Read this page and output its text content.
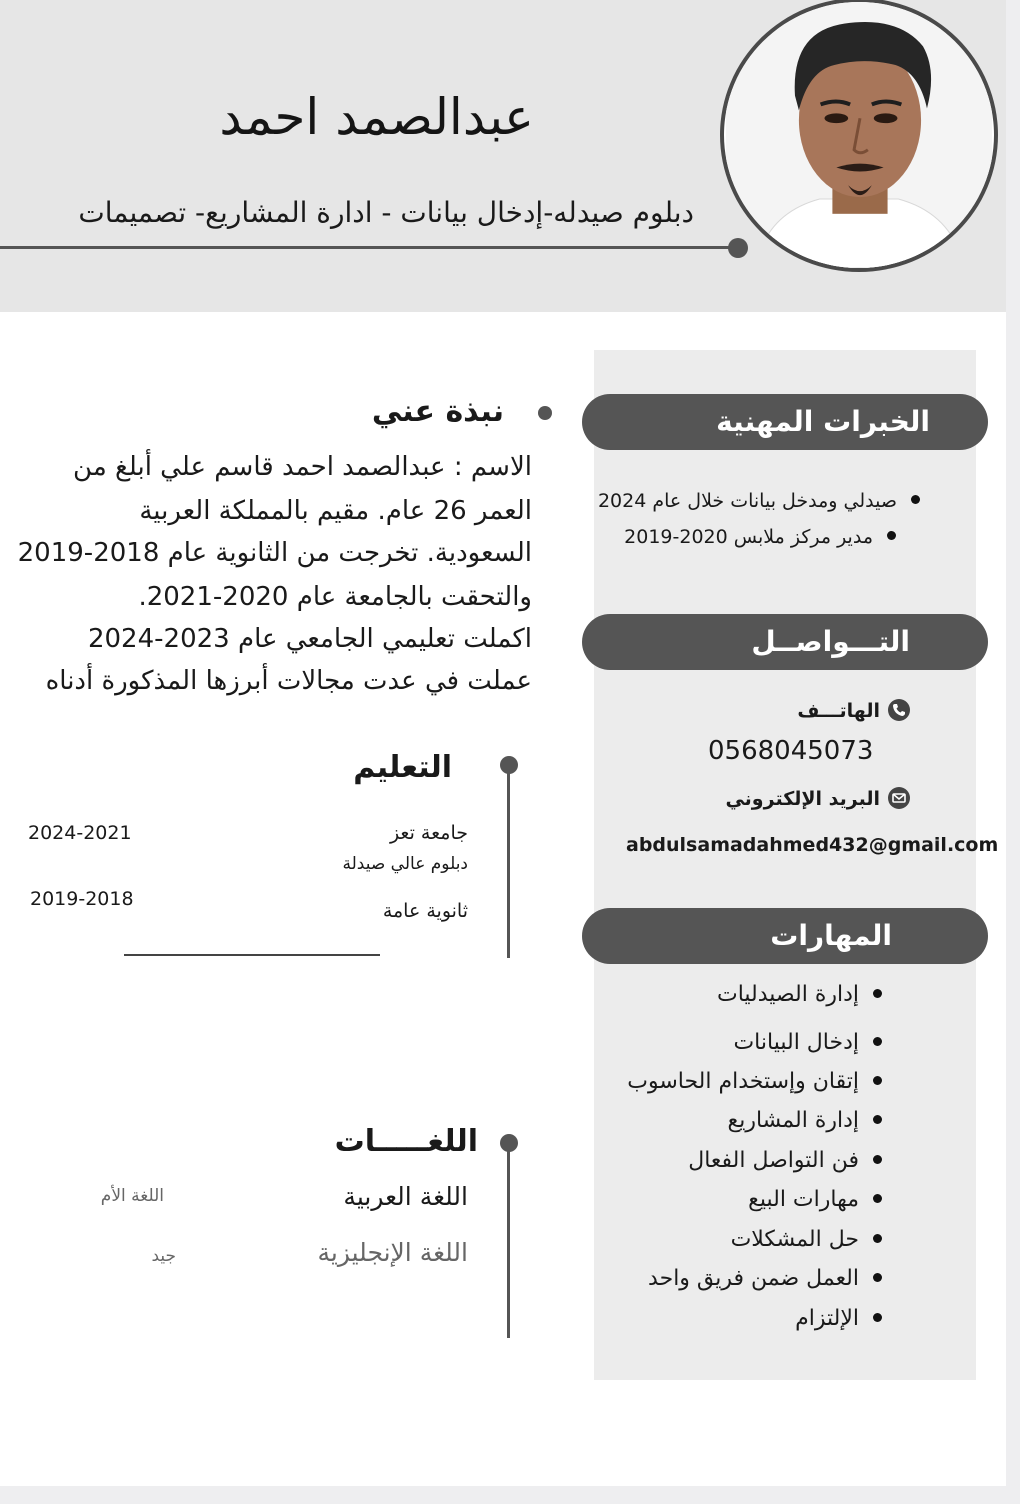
عبدالصمد احمد
دبلوم صيدله-إدخال بيانات - ادارة المشاريع- تصميمات
الخبرات المهنية
صيدلي ومدخل بيانات خلال عام 2024
مدير مركز ملابس 2020-2019
التـــواصــل
الهاتـــف
0568045073
البريد الإلكتروني
abdulsamadahmed432@gmail.com
المهارات
إدارة الصيدليات
إدخال البيانات
إتقان وإستخدام الحاسوب
إدارة المشاريع
فن التواصل الفعال
مهارات البيع
حل المشكلات
العمل ضمن فريق واحد
الإلتزام
نبذة عني
الاسم : عبدالصمد احمد قاسم علي أبلغ من
العمر 26 عام. مقيم بالمملكة العربية
السعودية. تخرجت من الثانوية عام 2018-2019
والتحقت بالجامعة عام 2020-2021.
اكملت تعليمي الجامعي عام 2023-2024
عملت في عدت مجالات أبرزها المذكورة أدناه
التعليم
جامعة تعز
دبلوم عالي صيدلة
2024-2021
ثانوية عامة
2019-2018
اللغـــــات
اللغة العربية
اللغة الأم
اللغة الإنجليزية
جيد
